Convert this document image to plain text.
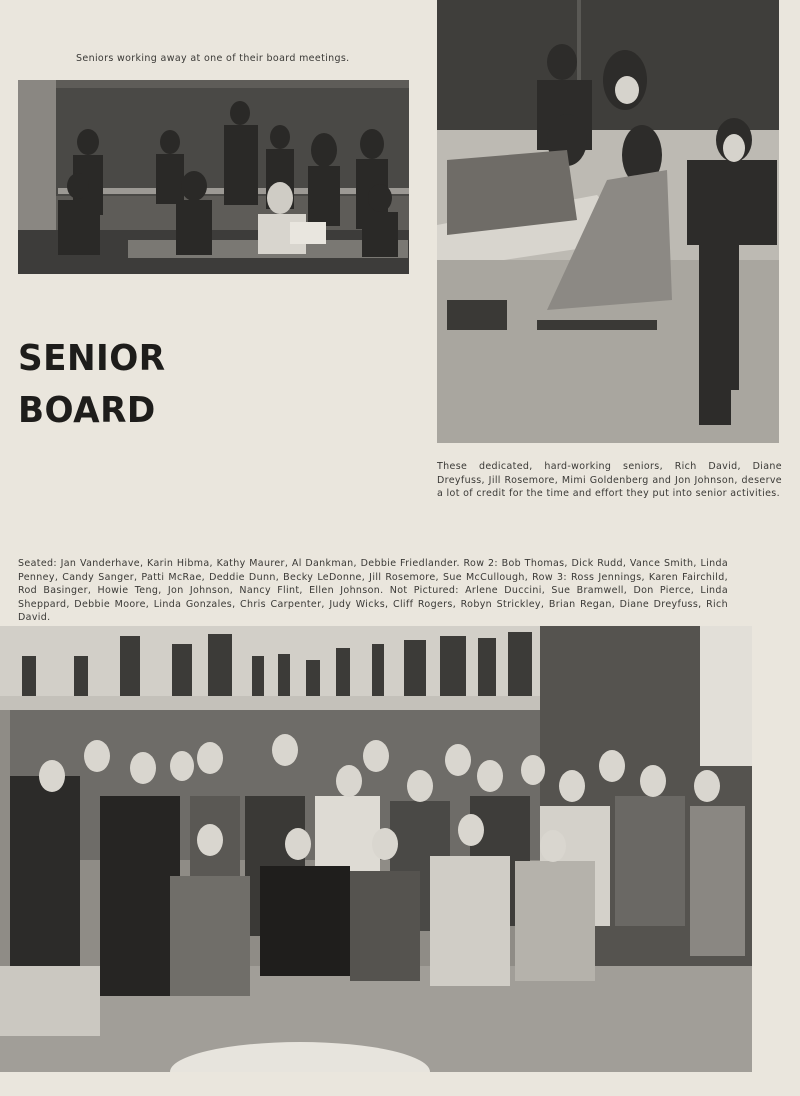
Seniors working away at one of their board meetings.
SENIOR
BOARD
These dedicated, hard-working seniors, Rich David, Diane Dreyfuss, Jill Rosemore, Mimi Goldenberg and Jon Johnson, deserve a lot of credit for the time and effort they put into senior activities.
Seated: Jan Vanderhave, Karin Hibma, Kathy Maurer, Al Dankman, Debbie Friedlander. Row 2: Bob Thomas, Dick Rudd, Vance Smith, Linda Penney, Candy Sanger, Patti McRae, Deddie Dunn, Becky LeDonne, Jill Rosemore, Sue McCullough, Row 3: Ross Jennings, Karen Fairchild, Rod Basinger, Howie Teng, Jon Johnson, Nancy Flint, Ellen Johnson. Not Pictured: Arlene Duccini, Sue Bramwell, Don Pierce, Linda Sheppard, Debbie Moore, Linda Gonzales, Chris Carpenter, Judy Wicks, Cliff Rogers, Robyn Strickley, Brian Regan, Diane Dreyfuss, Rich David.
